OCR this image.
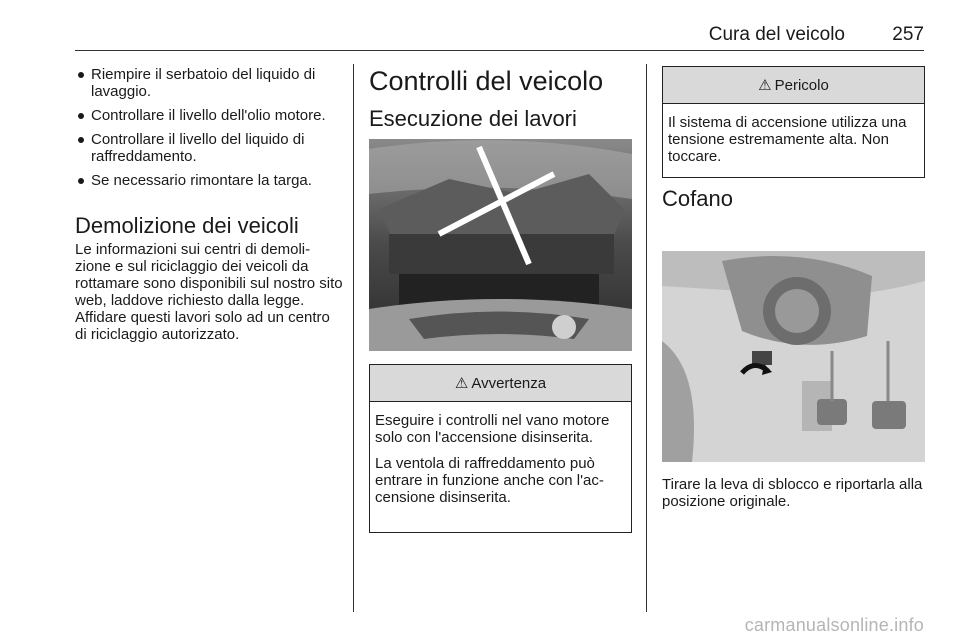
Cura del veicolo 257
Riempire il serbatoio del liquido di lavaggio.
Controllare il livello dell'olio motore.
Controllare il livello del liquido di raffreddamento.
Se necessario rimontare la targa.
Demolizione dei veicoli

Le informazioni sui centri di demoli-zione e sul riciclaggio dei veicoli da rottamare sono disponibili sul nostro sito web, laddove richiesto dalla legge. Affidare questi lavori solo ad un centro di riciclaggio autorizzato.

Controlli del veicolo
Esecuzione dei lavori
⚠ Avvertenza

Eseguire i controlli nel vano motore solo con l'accensione disinserita.

La ventola di raffreddamento può entrare in funzione anche con l'ac-censione disinserita.

⚠ Pericolo

Il sistema di accensione utilizza una tensione estremamente alta. Non toccare.

Cofano

Tirare la leva di sblocco e riportarla alla posizione originale.

carmanualsonline.info
